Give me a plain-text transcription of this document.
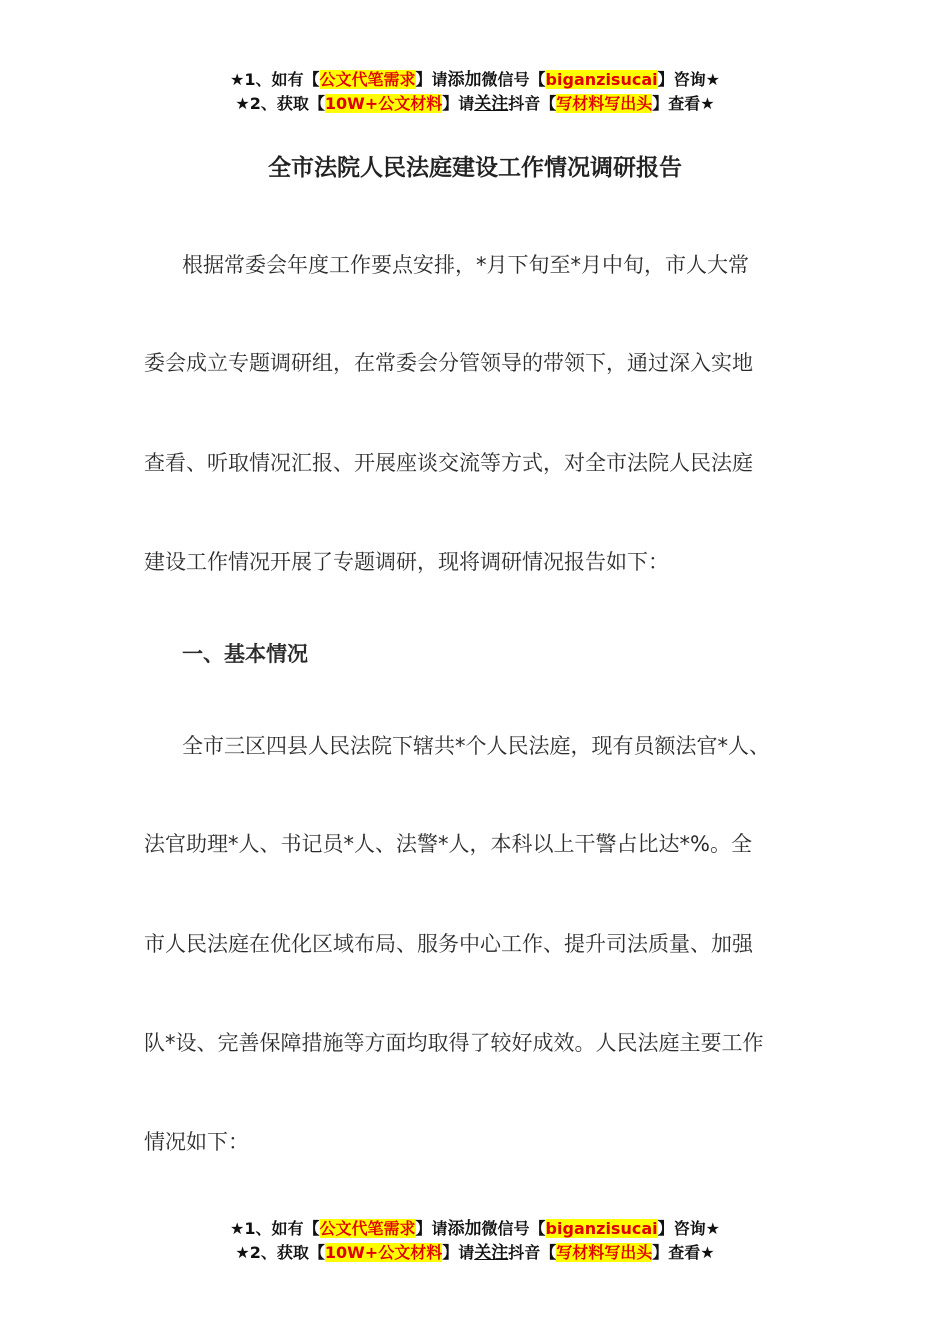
★1、如有【公文代笔需求】请添加微信号【biganzisucai】咨询★
★2、获取【10W+公文材料】请关注抖音【写材料写出头】查看★
全市法院人民法庭建设工作情况调研报告
根据常委会年度工作要点安排，*月下旬至*月中旬，市人大常
委会成立专题调研组，在常委会分管领导的带领下，通过深入实地
查看、听取情况汇报、开展座谈交流等方式，对全市法院人民法庭
建设工作情况开展了专题调研，现将调研情况报告如下：
一、基本情况
全市三区四县人民法院下辖共*个人民法庭，现有员额法官*人、
法官助理*人、书记员*人、法警*人，本科以上干警占比达*%。全
市人民法庭在优化区域布局、服务中心工作、提升司法质量、加强
队*设、完善保障措施等方面均取得了较好成效。人民法庭主要工作
情况如下：
★1、如有【公文代笔需求】请添加微信号【biganzisucai】咨询★
★2、获取【10W+公文材料】请关注抖音【写材料写出头】查看★
